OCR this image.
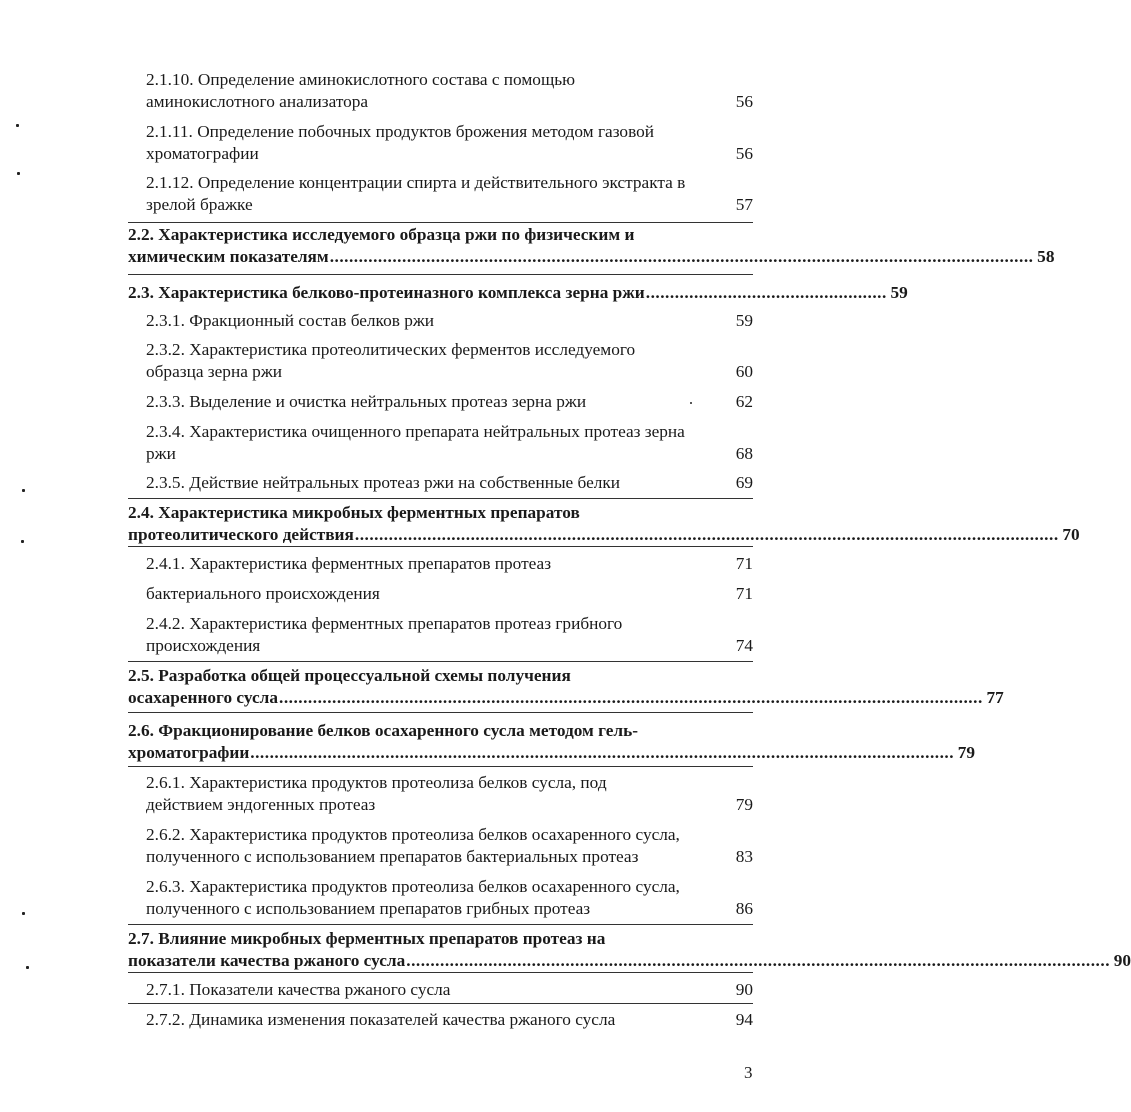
2.1.10. Определение аминокислотного состава с помощью
аминокислотного анализатора	56
2.1.11. Определение побочных продуктов брожения методом газовой
хроматографии	56
2.1.12. Определение концентрации спирта и действительного экстракта в
зрелой бражке	57
2.2. Характеристика исследуемого образца ржи по физическим и
химическим показателям .................................................................................................................................................. 58
2.3. Характеристика белково-протеиназного комплекса зерна ржи .................................................. 59
2.3.1. Фракционный состав белков ржи	59
2.3.2. Характеристика протеолитических ферментов исследуемого
образца зерна ржи	60
2.3.3. Выделение и очистка нейтральных протеаз зерна ржи	62
2.3.4. Характеристика очищенного препарата нейтральных протеаз зерна
ржи	68
2.3.5. Действие нейтральных протеаз ржи на собственные белки	69
2.4. Характеристика микробных ферментных препаратов
протеолитического действия .................................................................................................................................................. 70
2.4.1. Характеристика ферментных препаратов протеаз	71
бактериального происхождения	71
2.4.2. Характеристика ферментных препаратов протеаз грибного
происхождения	74
2.5. Разработка общей процессуальной схемы получения
осахаренного сусла .................................................................................................................................................. 77
2.6. Фракционирование белков осахаренного сусла методом гель-
хроматографии .................................................................................................................................................. 79
2.6.1. Характеристика продуктов протеолиза белков сусла, под
действием эндогенных протеаз	79
2.6.2. Характеристика продуктов протеолиза белков осахаренного сусла,
полученного с использованием препаратов бактериальных протеаз	83
2.6.3. Характеристика продуктов протеолиза белков осахаренного сусла,
полученного с использованием препаратов грибных протеаз	86
2.7. Влияние микробных ферментных препаратов протеаз на
показатели качества ржаного сусла .................................................................................................................................................. 90
2.7.1. Показатели качества ржаного сусла	90
2.7.2. Динамика изменения показателей качества ржаного сусла	94
3
